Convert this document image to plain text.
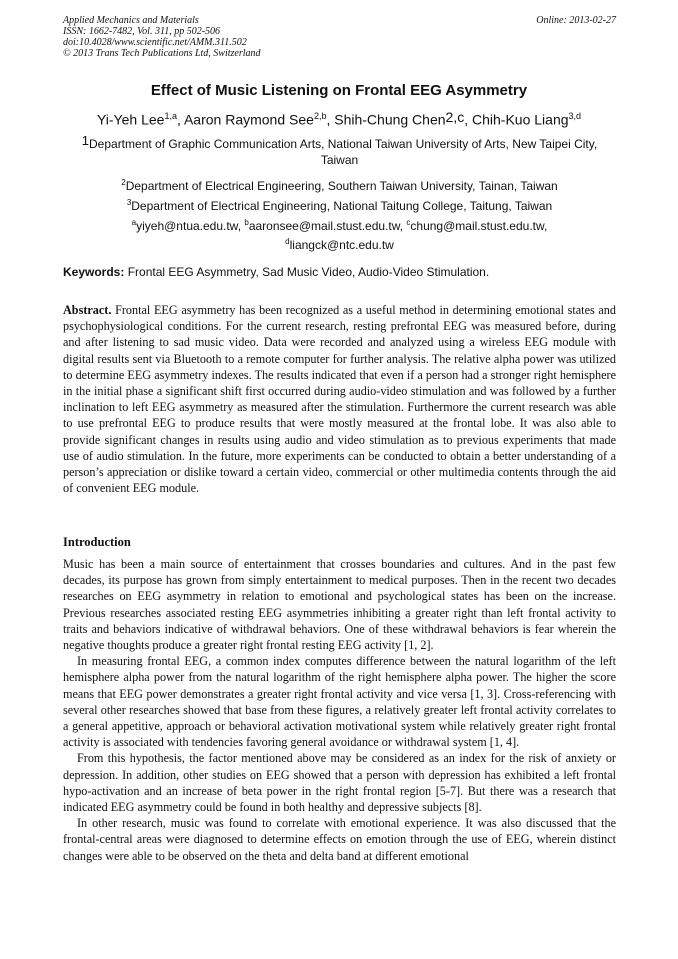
Applied Mechanics and Materials
ISSN: 1662-7482, Vol. 311, pp 502-506
doi:10.4028/www.scientific.net/AMM.311.502
© 2013 Trans Tech Publications Ltd, Switzerland
Online: 2013-02-27
Effect of Music Listening on Frontal EEG Asymmetry
Yi-Yeh Lee$^{1,a}$, Aaron Raymond See$^{2,b}$, Shih-Chung Chen$^{2,c}$, Chih-Kuo Liang$^{3,d}$
$^1$Department of Graphic Communication Arts, National Taiwan University of Arts, New Taipei City, Taiwan
$^2$Department of Electrical Engineering, Southern Taiwan University, Tainan, Taiwan
$^3$Department of Electrical Engineering, National Taitung College, Taitung, Taiwan
$^a$yiyeh@ntua.edu.tw, $^b$aaronsee@mail.stust.edu.tw, $^c$chung@mail.stust.edu.tw,
$^d$liangck@ntc.edu.tw
Keywords: Frontal EEG Asymmetry, Sad Music Video, Audio-Video Stimulation.

Abstract. Frontal EEG asymmetry has been recognized as a useful method in determining emotional states and psychophysiological conditions. For the current research, resting prefrontal EEG was measured before, during and after listening to sad music video. Data were recorded and analyzed using a wireless EEG module with digital results sent via Bluetooth to a remote computer for further analysis. The relative alpha power was utilized to determine EEG asymmetry indexes. The results indicated that even if a person had a stronger right hemisphere in the initial phase a significant shift first occurred during audio-video stimulation and was followed by a further inclination to left EEG asymmetry as measured after the stimulation. Furthermore the current research was able to use prefrontal EEG to produce results that were mostly measured at the frontal lobe. It was also able to provide significant changes in results using audio and video stimulation as to previous experiments that made use of audio stimulation. In the future, more experiments can be conducted to obtain a better understanding of a person’s appreciation or dislike toward a certain video, commercial or other multimedia contents through the aid of convenient EEG module.

Introduction

Music has been a main source of entertainment that crosses boundaries and cultures. And in the past few decades, its purpose has grown from simply entertainment to medical purposes. Then in the recent two decades researches on EEG asymmetry in relation to emotional and psychological states has been on the increase. Previous researches associated resting EEG asymmetries inhibiting a greater right than left frontal activity to traits and behaviors indicative of withdrawal behaviors. One of these withdrawal behaviors is fear wherein the negative thoughts produce a greater right frontal resting EEG activity [1, 2].

In measuring frontal EEG, a common index computes difference between the natural logarithm of the left hemisphere alpha power from the natural logarithm of the right hemisphere alpha power. The higher the score means that EEG power demonstrates a greater right frontal activity and vice versa [1, 3]. Cross-referencing with several other researches showed that base from these figures, a relatively greater left frontal activity correlates to a general appetitive, approach or behavioral activation motivational system while relatively greater right frontal activity is associated with tendencies favoring general avoidance or withdrawal system [1, 4].

From this hypothesis, the factor mentioned above may be considered as an index for the risk of anxiety or depression. In addition, other studies on EEG showed that a person with depression has exhibited a left frontal hypo-activation and an increase of beta power in the right frontal region [5-7]. But there was a research that indicated EEG asymmetry could be found in both healthy and depressive subjects [8].

In other research, music was found to correlate with emotional experience. It was also discussed that the frontal-central areas were diagnosed to determine effects on emotion through the use of EEG, wherein distinct changes were able to be observed on the theta and delta band at different emotional
